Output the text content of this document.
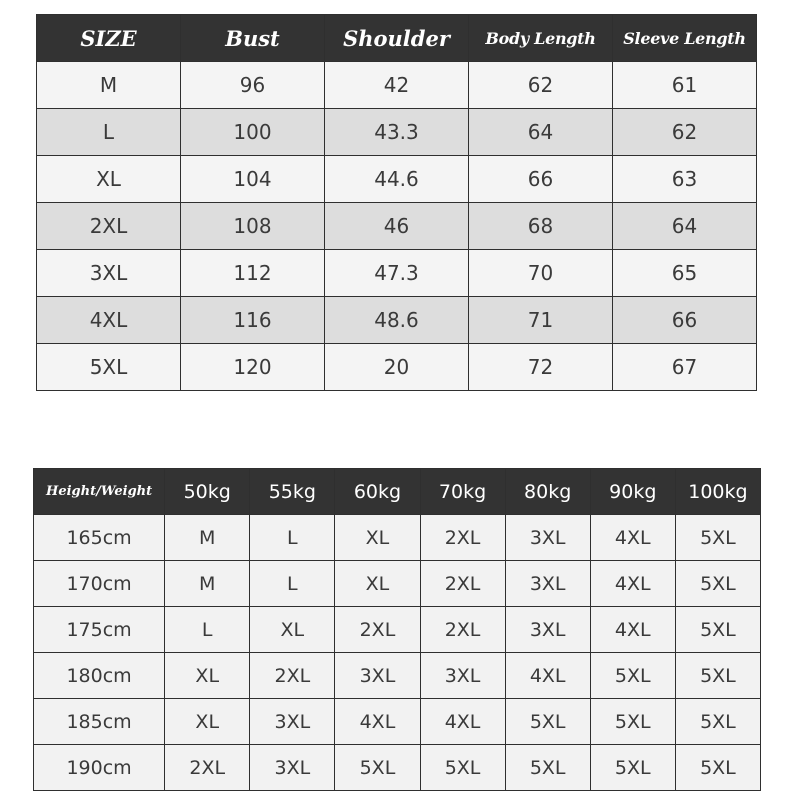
SIZE	Bust	Shoulder	Body Length	Sleeve Length
M	96	42	62	61
L	100	43.3	64	62
XL	104	44.6	66	63
2XL	108	46	68	64
3XL	112	47.3	70	65
4XL	116	48.6	71	66
5XL	120	20	72	67
Height/Weight	50kg	55kg	60kg	70kg	80kg	90kg	100kg
165cm	M	L	XL	2XL	3XL	4XL	5XL
170cm	M	L	XL	2XL	3XL	4XL	5XL
175cm	L	XL	2XL	2XL	3XL	4XL	5XL
180cm	XL	2XL	3XL	3XL	4XL	5XL	5XL
185cm	XL	3XL	4XL	4XL	5XL	5XL	5XL
190cm	2XL	3XL	5XL	5XL	5XL	5XL	5XL
